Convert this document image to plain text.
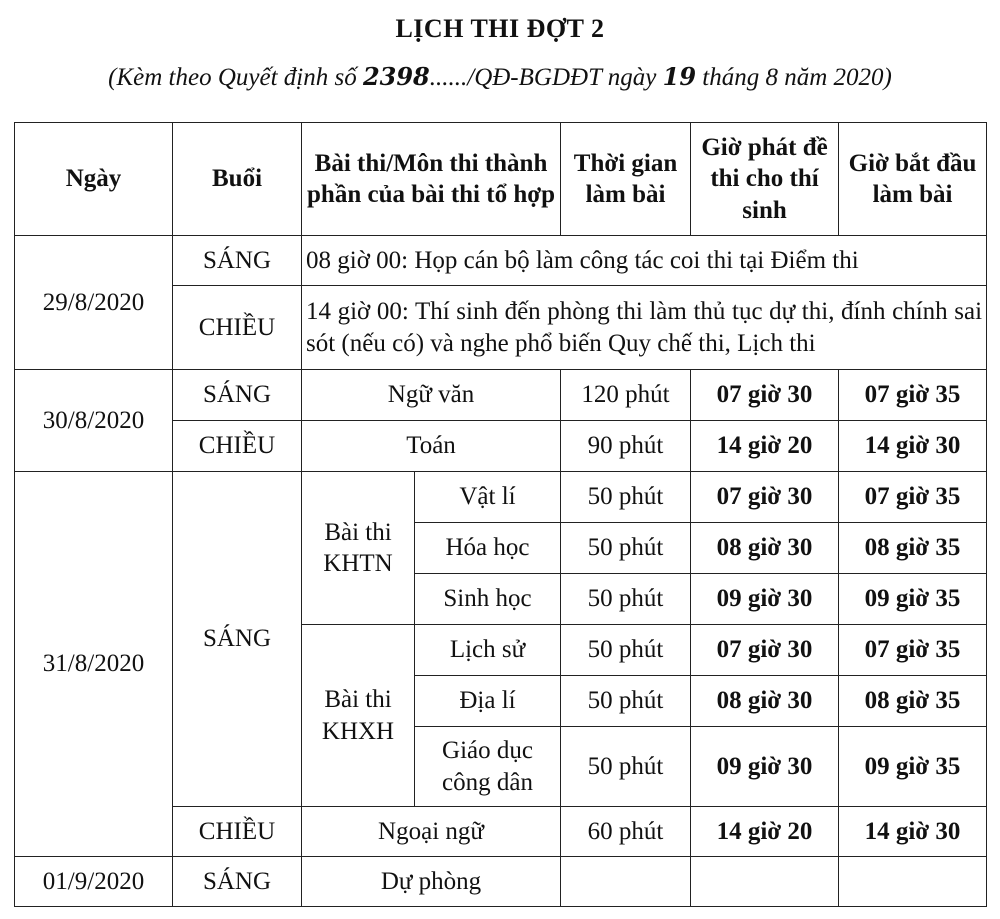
LỊCH THI ĐỢT 2
(Kèm theo Quyết định số 2398....../QĐ-BGDĐT ngày 19 tháng 8 năm 2020)
Ngày	Buổi	Bài thi/Môn thi thành phần của bài thi tổ hợp		Thời gian làm bài	Giờ phát đề thi cho thí sinh	Giờ bắt đầu làm bài
29/8/2020	SÁNG	08 giờ 00: Họp cán bộ làm công tác coi thi tại Điểm thi				
	CHIỀU	14 giờ 00: Thí sinh đến phòng thi làm thủ tục dự thi, đính chính sai sót (nếu có) và nghe phổ biến Quy chế thi, Lịch thi				
30/8/2020	SÁNG	Ngữ văn		120 phút	07 giờ 30	07 giờ 35
	CHIỀU	Toán		90 phút	14 giờ 20	14 giờ 30
31/8/2020	SÁNG	Bài thi KHTN	Vật lí	50 phút	07 giờ 30	07 giờ 35
			Hóa học	50 phút	08 giờ 30	08 giờ 35
			Sinh học	50 phút	09 giờ 30	09 giờ 35
		Bài thi KHXH	Lịch sử	50 phút	07 giờ 30	07 giờ 35
			Địa lí	50 phút	08 giờ 30	08 giờ 35
			Giáo dục công dân	50 phút	09 giờ 30	09 giờ 35
	CHIỀU	Ngoại ngữ		60 phút	14 giờ 20	14 giờ 30
01/9/2020	SÁNG	Dự phòng				
